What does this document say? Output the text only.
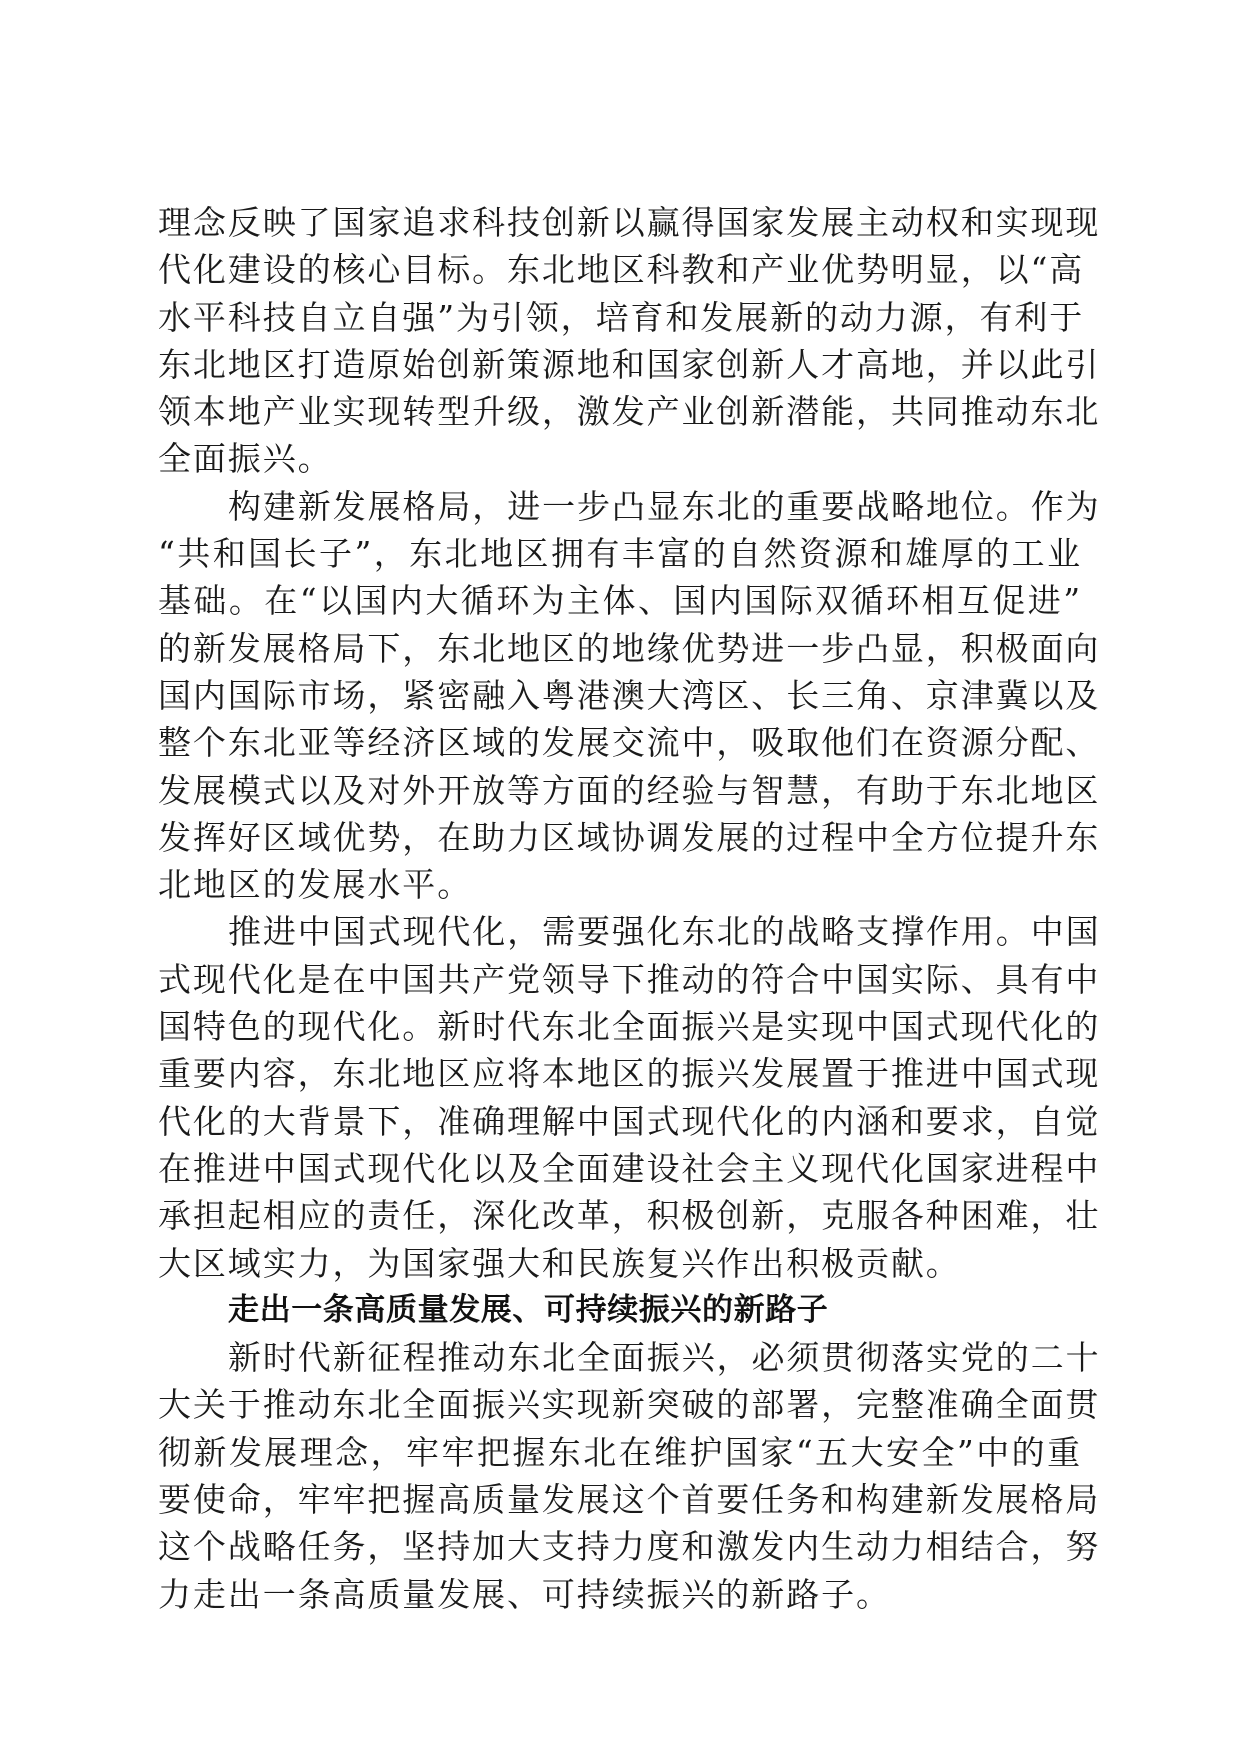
理念反映了国家追求科技创新以赢得国家发展主动权和实现现
代化建设的核心目标。东北地区科教和产业优势明显，以“高
水平科技自立自强”为引领，培育和发展新的动力源，有利于
东北地区打造原始创新策源地和国家创新人才高地，并以此引
领本地产业实现转型升级，激发产业创新潜能，共同推动东北
全面振兴。
构建新发展格局，进一步凸显东北的重要战略地位。作为
“共和国长子”，东北地区拥有丰富的自然资源和雄厚的工业
基础。在“以国内大循环为主体、国内国际双循环相互促进”
的新发展格局下，东北地区的地缘优势进一步凸显，积极面向
国内国际市场，紧密融入粤港澳大湾区、长三角、京津冀以及
整个东北亚等经济区域的发展交流中，吸取他们在资源分配、
发展模式以及对外开放等方面的经验与智慧，有助于东北地区
发挥好区域优势，在助力区域协调发展的过程中全方位提升东
北地区的发展水平。
推进中国式现代化，需要强化东北的战略支撑作用。中国
式现代化是在中国共产党领导下推动的符合中国实际、具有中
国特色的现代化。新时代东北全面振兴是实现中国式现代化的
重要内容，东北地区应将本地区的振兴发展置于推进中国式现
代化的大背景下，准确理解中国式现代化的内涵和要求，自觉
在推进中国式现代化以及全面建设社会主义现代化国家进程中
承担起相应的责任，深化改革，积极创新，克服各种困难，壮
大区域实力，为国家强大和民族复兴作出积极贡献。
走出一条高质量发展、可持续振兴的新路子
新时代新征程推动东北全面振兴，必须贯彻落实党的二十
大关于推动东北全面振兴实现新突破的部署，完整准确全面贯
彻新发展理念，牢牢把握东北在维护国家“五大安全”中的重
要使命，牢牢把握高质量发展这个首要任务和构建新发展格局
这个战略任务，坚持加大支持力度和激发内生动力相结合，努
力走出一条高质量发展、可持续振兴的新路子。
